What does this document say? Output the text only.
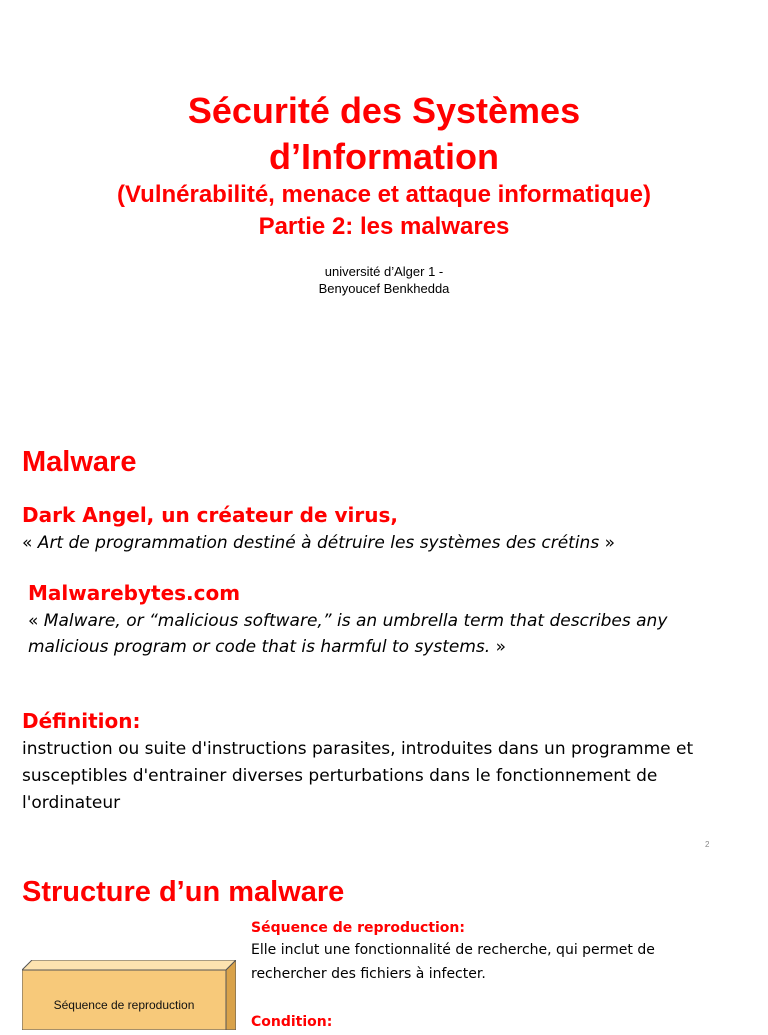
Sécurité des Systèmes
d’Information
(Vulnérabilité, menace et attaque informatique)
Partie 2: les malwares
université d’Alger 1 -
Benyoucef Benkhedda
Malware
Dark Angel, un créateur de virus,
« Art de programmation destiné à détruire les systèmes des crétins »
Malwarebytes.com
« Malware, or “malicious software,” is an umbrella term that describes any
malicious program or code that is harmful to systems. »
Définition:
instruction ou suite d'instructions parasites, introduites dans un programme et
susceptibles d'entrainer diverses perturbations dans le fonctionnement de
l'ordinateur
2
Structure d’un malware
Séquence de reproduction
Séquence de reproduction:
Elle inclut une fonctionnalité de recherche, qui permet de
rechercher des fichiers à infecter.
Condition:
